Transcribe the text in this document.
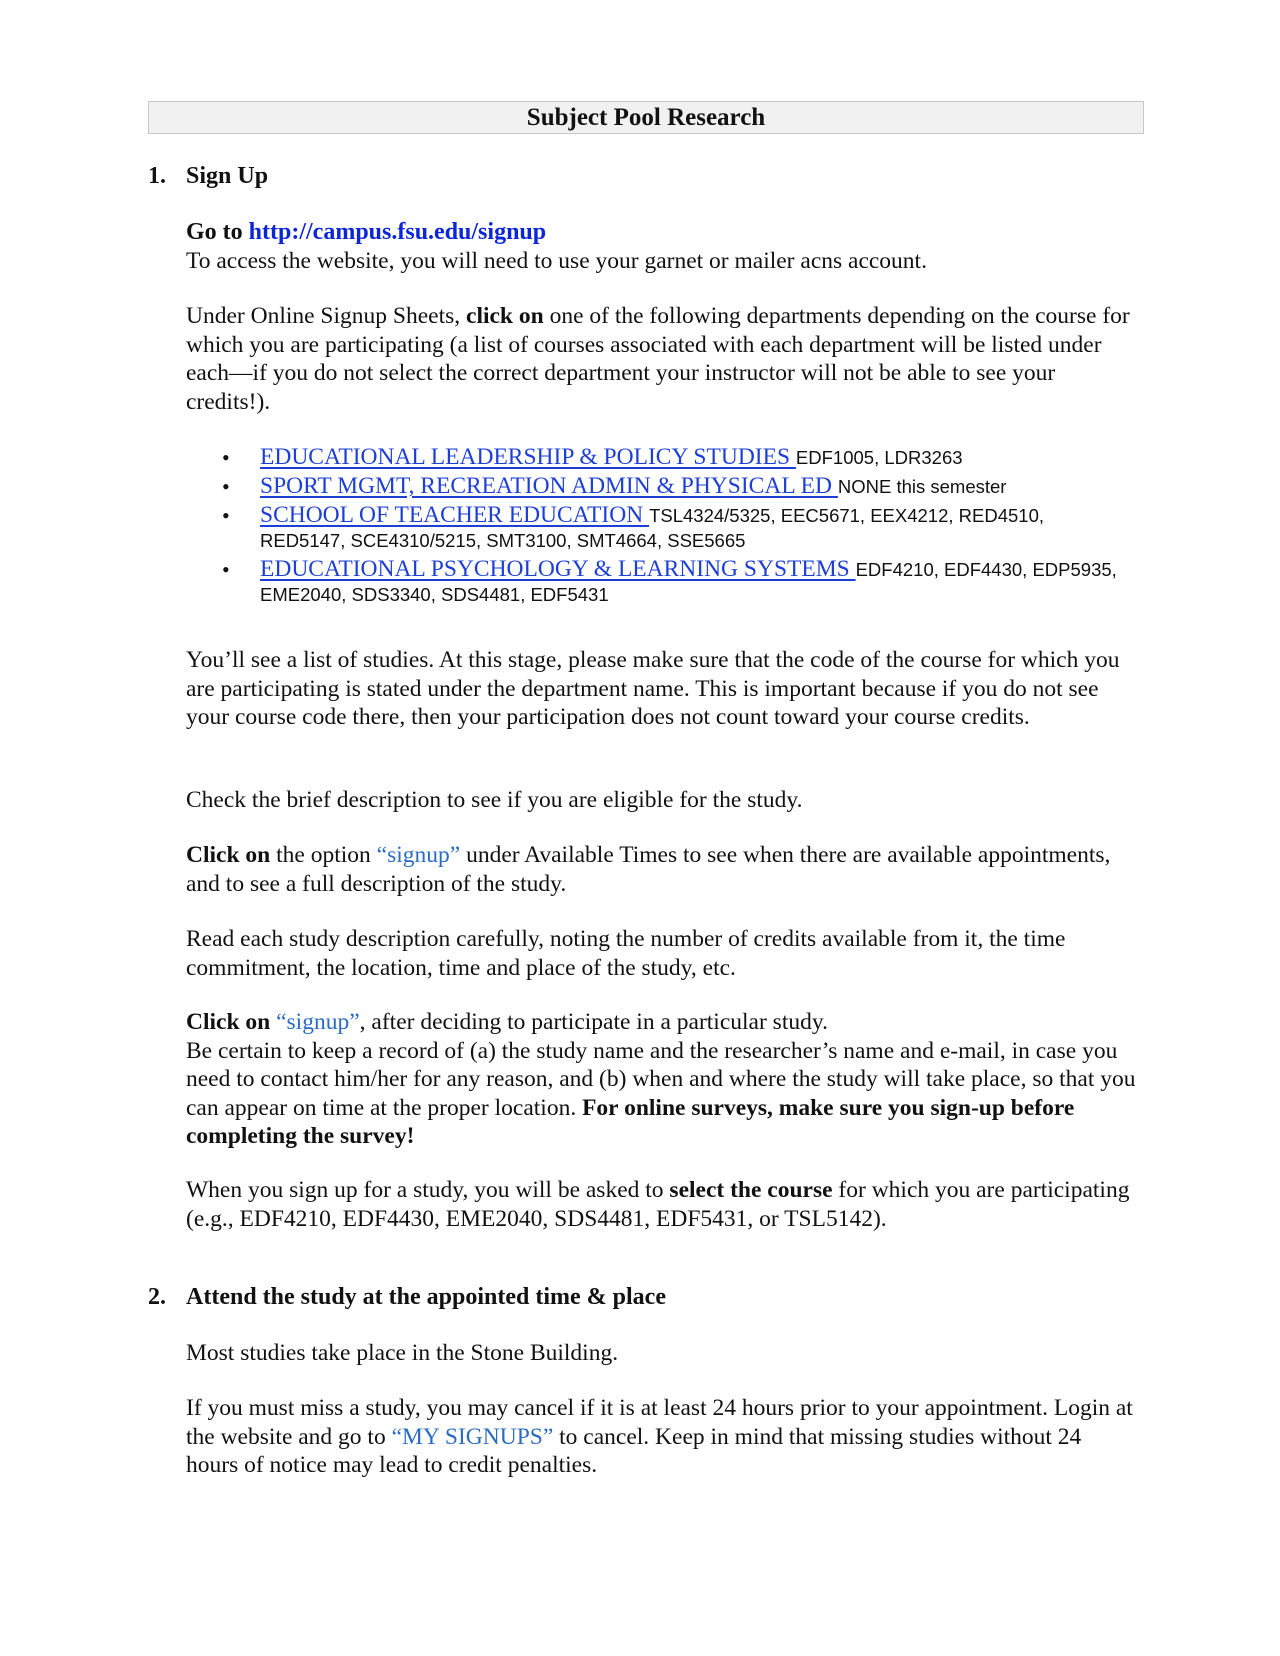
Subject Pool Research
1. Sign Up

Go to http://campus.fsu.edu/signup

To access the website, you will need to use your garnet or mailer acns account.

Under Online Signup Sheets, click on one of the following departments depending on the course for which you are participating (a list of courses associated with each department will be listed under each—if you do not select the correct department your instructor will not be able to see your credits!).

• EDUCATIONAL LEADERSHIP & POLICY STUDIES EDF1005, LDR3263
• SPORT MGMT, RECREATION ADMIN & PHYSICAL ED NONE this semester
• SCHOOL OF TEACHER EDUCATION TSL4324/5325, EEC5671, EEX4212, RED4510, RED5147, SCE4310/5215, SMT3100, SMT4664, SSE5665
• EDUCATIONAL PSYCHOLOGY & LEARNING SYSTEMS EDF4210, EDF4430, EDP5935, EME2040, SDS3340, SDS4481, EDF5431
You’ll see a list of studies. At this stage, please make sure that the code of the course for which you are participating is stated under the department name. This is important because if you do not see your course code there, then your participation does not count toward your course credits.
Check the brief description to see if you are eligible for the study.

Click on the option “signup” under Available Times to see when there are available appointments, and to see a full description of the study.

Read each study description carefully, noting the number of credits available from it, the time commitment, the location, time and place of the study, etc.

Click on “signup”, after deciding to participate in a particular study.

Be certain to keep a record of (a) the study name and the researcher’s name and e-mail, in case you need to contact him/her for any reason, and (b) when and where the study will take place, so that you can appear on time at the proper location. For online surveys, make sure you sign-up before completing the survey!

When you sign up for a study, you will be asked to select the course for which you are participating (e.g., EDF4210, EDF4430, EME2040, SDS4481, EDF5431, or TSL5142).

2. Attend the study at the appointed time & place
Most studies take place in the Stone Building.

If you must miss a study, you may cancel if it is at least 24 hours prior to your appointment. Login at the website and go to “MY SIGNUPS” to cancel. Keep in mind that missing studies without 24 hours of notice may lead to credit penalties.
